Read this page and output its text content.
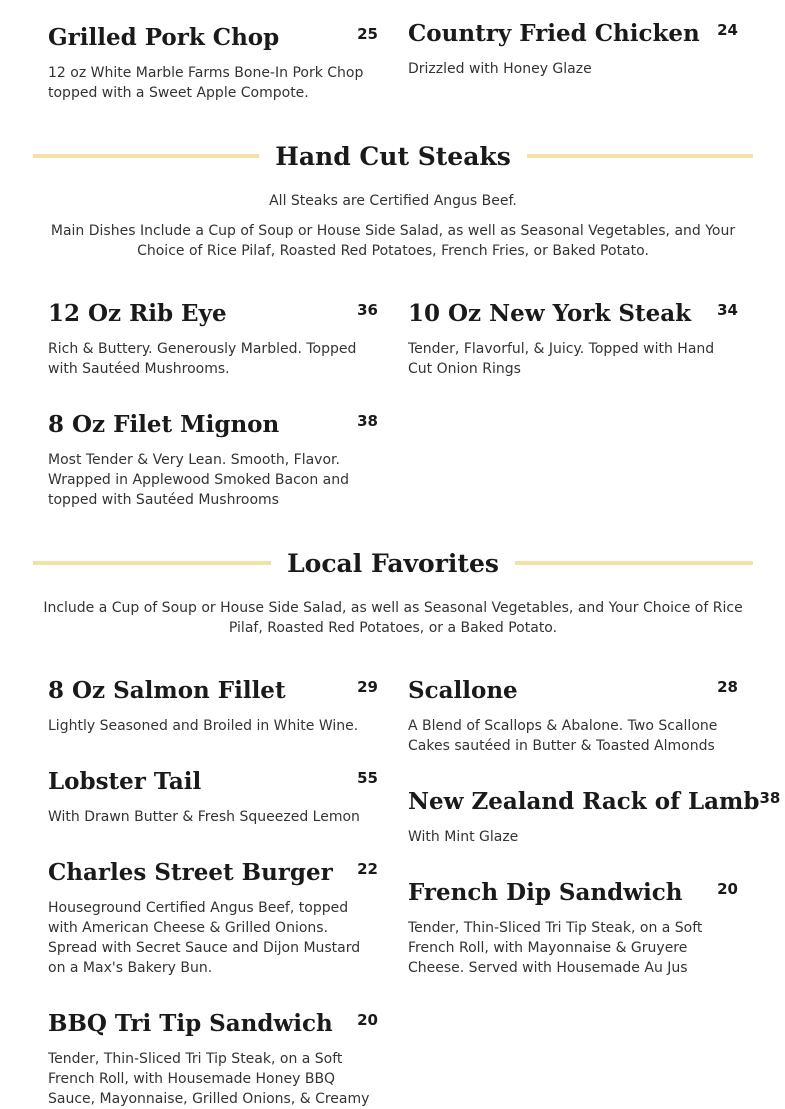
Grilled Pork Chop	25
12 oz White Marble Farms Bone-In Pork Chop topped with a Sweet Apple Compote.
Country Fried Chicken 24
Drizzled with Honey Glaze
Hand Cut Steaks
All Steaks are Certified Angus Beef.
Main Dishes Include a Cup of Soup or House Side Salad, as well as Seasonal Vegetables, and Your Choice of Rice Pilaf, Roasted Red Potatoes, French Fries, or Baked Potato.
12 Oz Rib Eye	36
Rich & Buttery. Generously Marbled. Topped with Sautéed Mushrooms.
10 Oz New York Steak 34
Tender, Flavorful, & Juicy. Topped with Hand Cut Onion Rings
8 Oz Filet Mignon	38
Most Tender & Very Lean. Smooth, Flavor. Wrapped in Applewood Smoked Bacon and topped with Sautéed Mushrooms
Local Favorites
Include a Cup of Soup or House Side Salad, as well as Seasonal Vegetables, and Your Choice of Rice Pilaf, Roasted Red Potatoes, or a Baked Potato.
8 Oz Salmon Fillet	29
Lightly Seasoned and Broiled in White Wine.
Scallone	28
A Blend of Scallops & Abalone. Two Scallone Cakes sautéed in Butter & Toasted Almonds
Lobster Tail	55
With Drawn Butter & Fresh Squeezed Lemon
New Zealand Rack of Lamb 38
With Mint Glaze
Charles Street Burger 22
Houseground Certified Angus Beef, topped with American Cheese & Grilled Onions. Spread with Secret Sauce and Dijon Mustard on a Max's Bakery Bun.
French Dip Sandwich 20
Tender, Thin-Sliced Tri Tip Steak, on a Soft French Roll, with Mayonnaise & Gruyere Cheese. Served with Housemade Au Jus
BBQ Tri Tip Sandwich 20
Tender, Thin-Sliced Tri Tip Steak, on a Soft French Roll, with Housemade Honey BBQ Sauce, Mayonnaise, Grilled Onions, & Creamy
